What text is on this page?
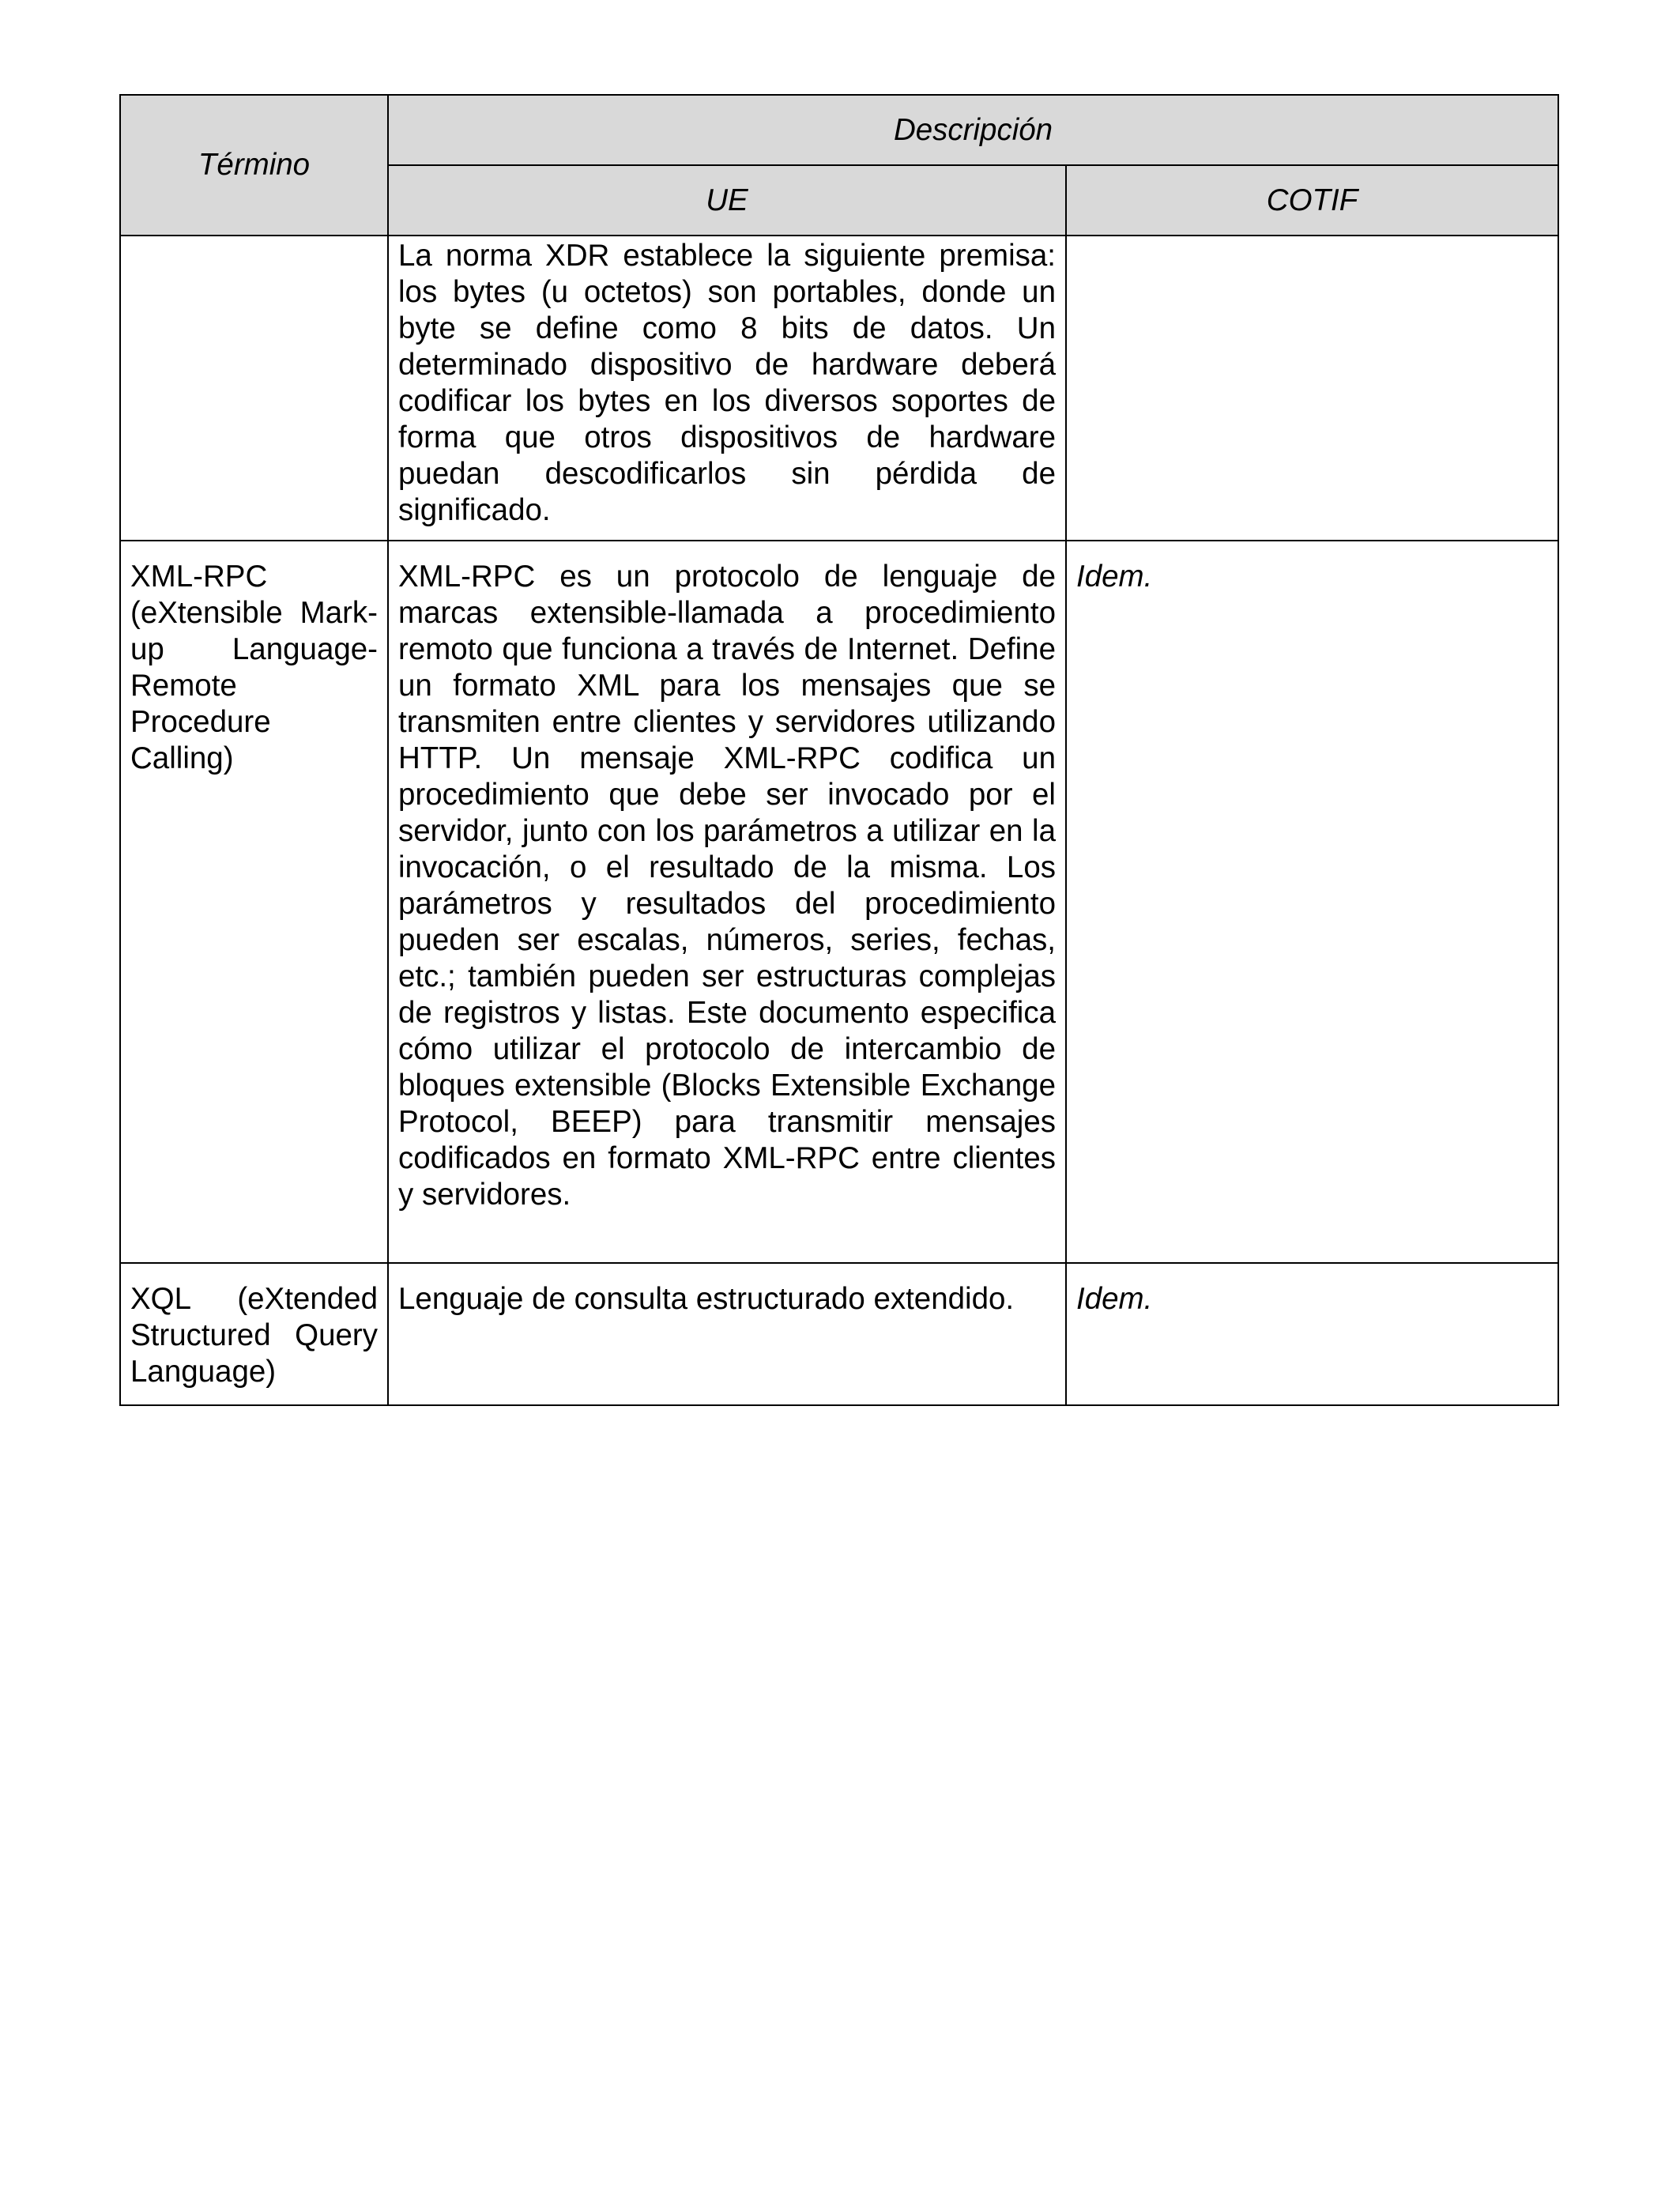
Término	Descripción	
	UE	COTIF
	La norma XDR establece la siguiente premisa: los bytes (u octetos) son portables, donde un byte se define como 8 bits de datos. Un determinado dispositivo de hardware deberá codificar los bytes en los diversos soportes de forma que otros dispositivos de hardware puedan descodificarlos sin pérdida de significado.	
XML-RPC (eXtensible Mark-up Language-Remote Procedure Calling)	XML-RPC es un protocolo de lenguaje de marcas extensible-llamada a procedimiento remoto que funciona a través de Internet. Define un formato XML para los mensajes que se transmiten entre clientes y servidores utilizando HTTP. Un mensaje XML-RPC codifica un procedimiento que debe ser invocado por el servidor, junto con los parámetros a utilizar en la invocación, o el resultado de la misma. Los parámetros y resultados del procedimiento pueden ser escalas, números, series, fechas, etc.; también pueden ser estructuras complejas de registros y listas. Este documento especifica cómo utilizar el protocolo de intercambio de bloques extensible (Blocks Extensible Exchange Protocol, BEEP) para transmitir mensajes codificados en formato XML-RPC entre clientes y servidores.	Idem.
XQL (eXtended Structured Query Language)	Lenguaje de consulta estructurado extendido.	Idem.
